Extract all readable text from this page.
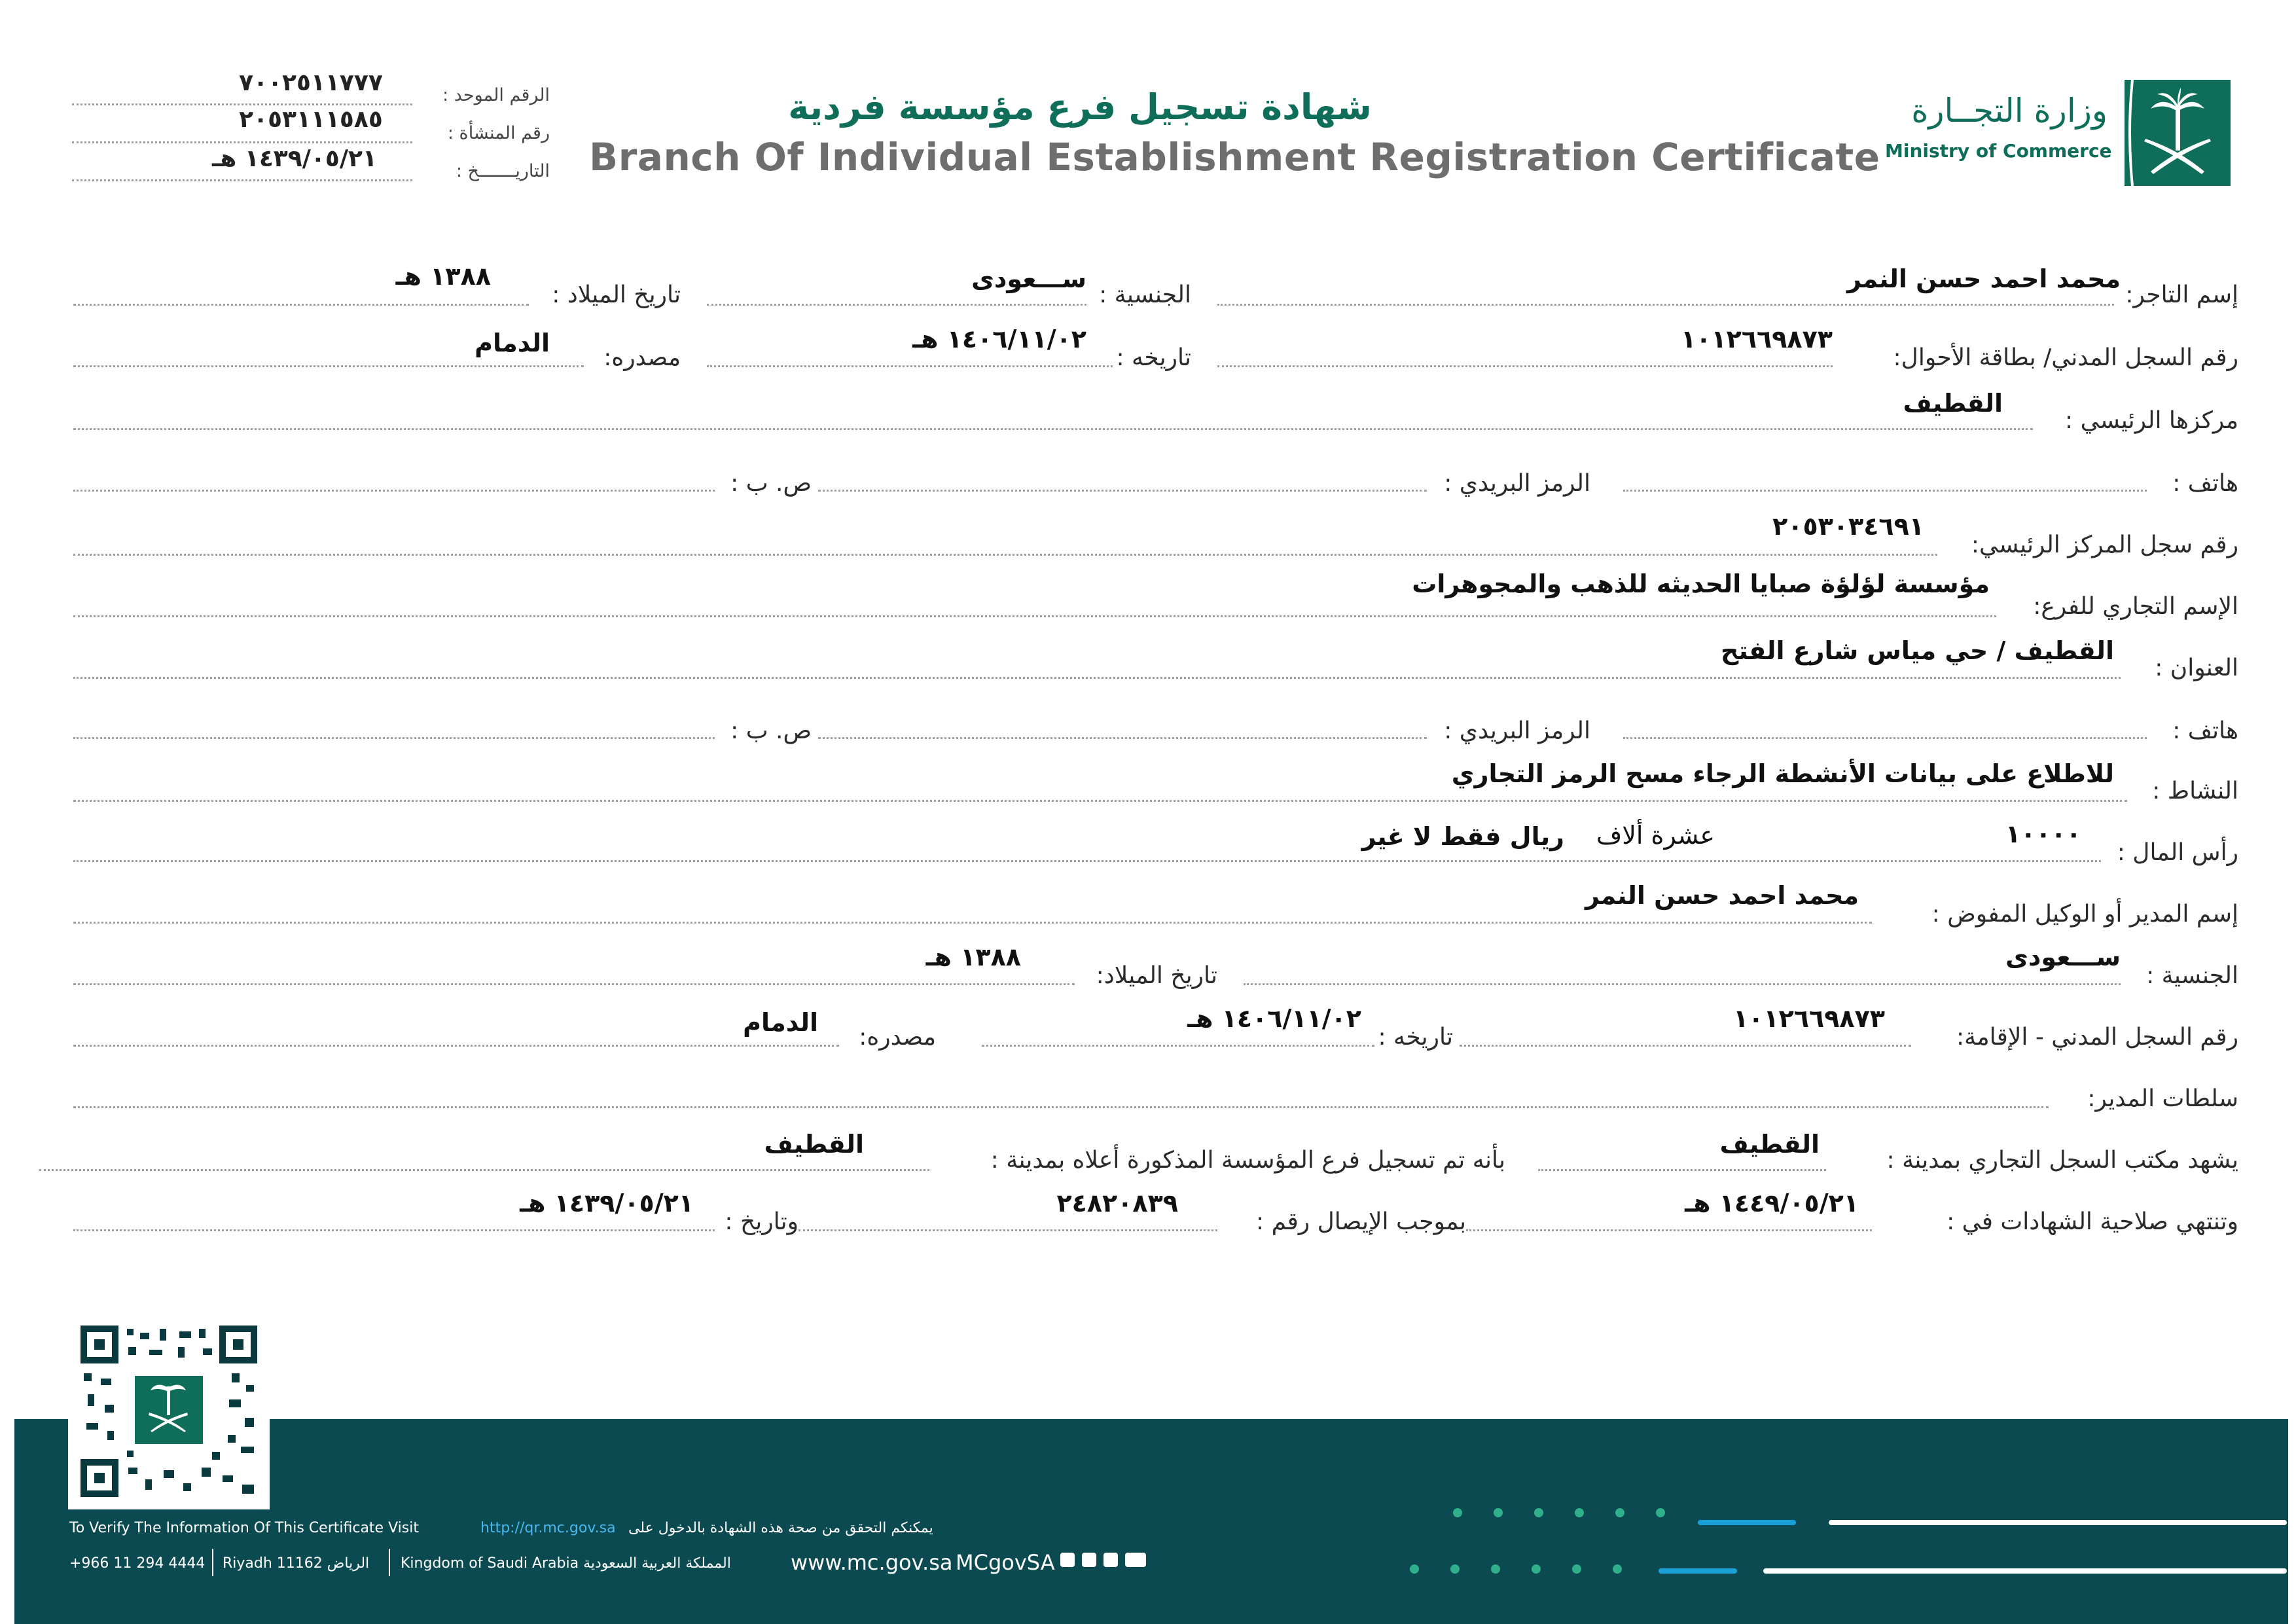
وزارة التجــارة
Ministry of Commerce
شهادة تسجيل فرع مؤسسة فردية
Branch Of Individual Establishment Registration Certificate
الرقم الموحد :
٧٠٠٢٥١١٧٧٧
رقم المنشأة :
٢٠٥٣١١١٥٨٥
التاريـــــــخ :
١٤٣٩/٠٥/٢١ هـ
إسم التاجر:
محمد احمد حسن النمر
الجنسية :
ســـعودى
تاريخ الميلاد :
١٣٨٨ هـ
رقم السجل المدني/ بطاقة الأحوال:
١٠١٢٦٦٩٨٧٣
تاريخه :
١٤٠٦/١١/٠٢ هـ
مصدره:
الدمام
مركزها الرئيسي :
القطيف
هاتف :
الرمز البريدي :
ص. ب :
رقم سجل المركز الرئيسي:
٢٠٥٣٠٣٤٦٩١
الإسم التجاري للفرع:
مؤسسة لؤلؤة صبايا الحديثه للذهب والمجوهرات
العنوان :
القطيف / حي مياس شارع الفتح
هاتف :
الرمز البريدي :
ص. ب :
النشاط :
للاطلاع على بيانات الأنشطة الرجاء مسح الرمز التجاري
رأس المال :
١٠٠٠٠
عشرة ألاف
ريال فقط لا غير
إسم المدير أو الوكيل المفوض :
محمد احمد حسن النمر
الجنسية :
ســـعودى
تاريخ الميلاد:
١٣٨٨ هـ
رقم السجل المدني - الإقامة:
١٠١٢٦٦٩٨٧٣
تاريخه :
١٤٠٦/١١/٠٢ هـ
مصدره:
الدمام
سلطات المدير:
يشهد مكتب السجل التجاري بمدينة :
القطيف
بأنه تم تسجيل فرع المؤسسة المذكورة أعلاه بمدينة :
القطيف
وتنتهي صلاحية الشهادات في :
١٤٤٩/٠٥/٢١ هـ
بموجب الإيصال رقم :
٢٤٨٢٠٨٣٩
وتاريخ :
١٤٣٩/٠٥/٢١ هـ
To Verify The Information Of This Certificate Visit	http://qr.mc.gov.sa يمكنكم التحقق من صحة هذه الشهادة بالدخول على
+966 11 294 4444 Riyadh 11162 الرياض Kingdom of Saudi Arabia المملكة العربية السعودية	www.mc.gov.sa MCgovSA
